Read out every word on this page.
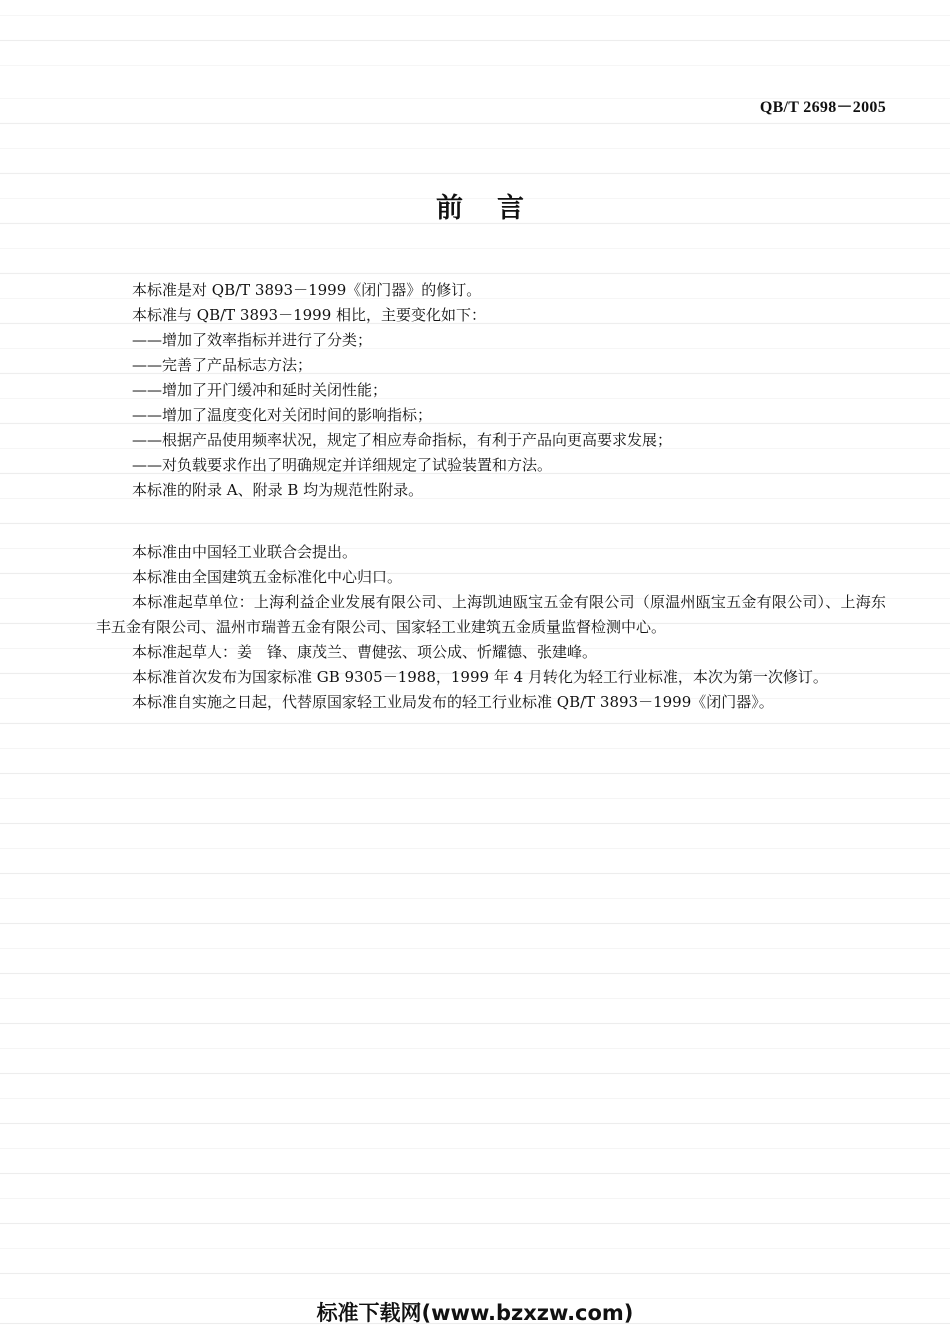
QB/T 2698－2005
前言

本标准是对 QB/T 3893－1999《闭门器》的修订。

本标准与 QB/T 3893－1999 相比，主要变化如下：

——增加了效率指标并进行了分类；

——完善了产品标志方法；

——增加了开门缓冲和延时关闭性能；

——增加了温度变化对关闭时间的影响指标；

——根据产品使用频率状况，规定了相应寿命指标，有利于产品向更高要求发展；

——对负载要求作出了明确规定并详细规定了试验装置和方法。

本标准的附录 A、附录 B 均为规范性附录。

本标准由中国轻工业联合会提出。

本标准由全国建筑五金标准化中心归口。

本标准起草单位：上海利益企业发展有限公司、上海凯迪瓯宝五金有限公司（原温州瓯宝五金有限公司）、上海东丰五金有限公司、温州市瑞普五金有限公司、国家轻工业建筑五金质量监督检测中心。

本标准起草人：姜　锋、康茂兰、曹健弦、项公成、忻耀德、张建峰。

本标准首次发布为国家标准 GB 9305－1988，1999 年 4 月转化为轻工行业标准，本次为第一次修订。

本标准自实施之日起，代替原国家轻工业局发布的轻工行业标准 QB/T 3893－1999《闭门器》。

标准下载网(www.bzxzw.com)
